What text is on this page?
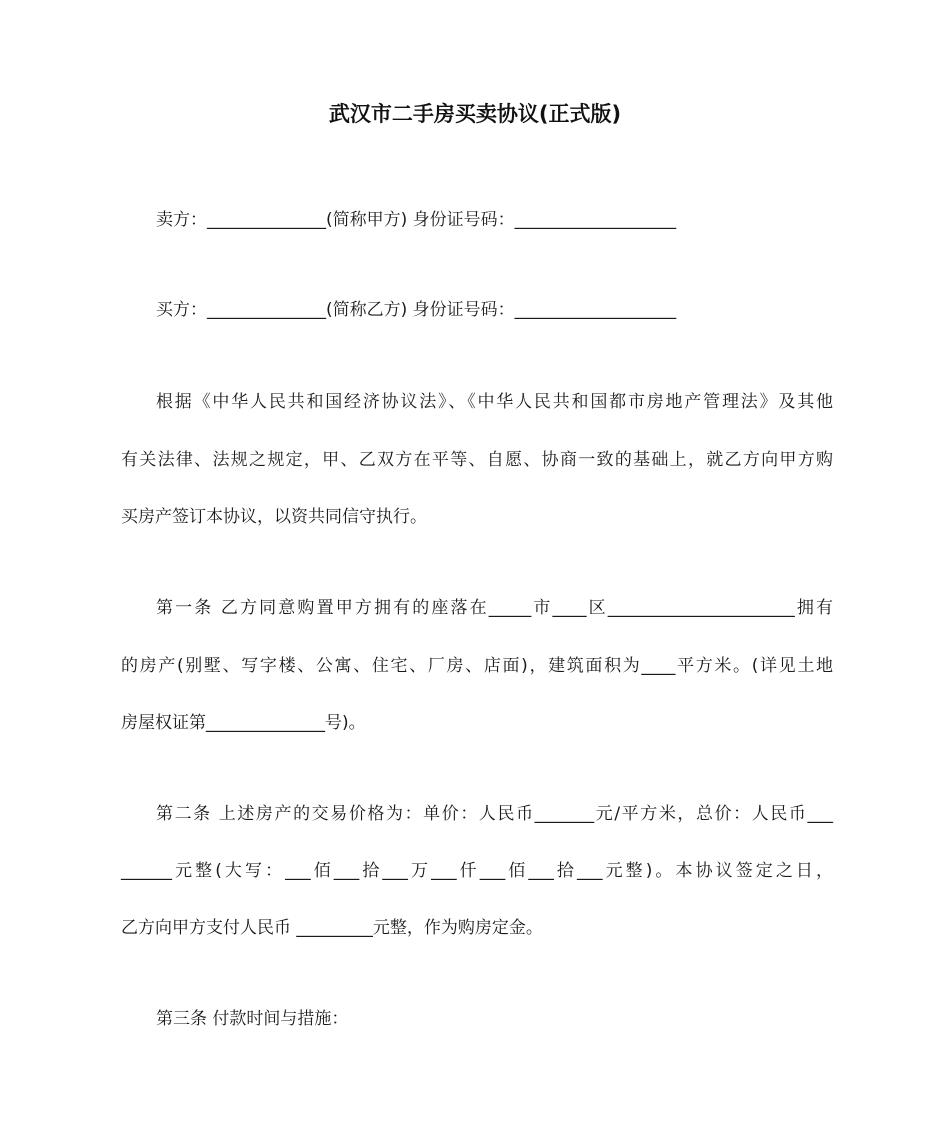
武汉市二手房买卖协议(正式版)
卖方：______________(简称甲方) 身份证号码：___________________
买方：______________(简称乙方) 身份证号码：___________________
根据《中华人民共和国经济协议法》、《中华人民共和国都市房地产管理法》及其他
有关法律、法规之规定，甲、乙双方在平等、自愿、协商一致的基础上，就乙方向甲方购
买房产签订本协议，以资共同信守执行。
第一条 乙方同意购置甲方拥有的座落在_____市____区______________________拥有
的房产(别墅、写字楼、公寓、住宅、厂房、店面)，建筑面积为____平方米。(详见土地
房屋权证第______________号)。
第二条 上述房产的交易价格为：单价：人民币_______元/平方米，总价：人民币___
______元整(大写：___佰___拾___万___仟___佰___拾___元整)。本协议签定之日，
乙方向甲方支付人民币 _________元整，作为购房定金。
第三条 付款时间与措施：
